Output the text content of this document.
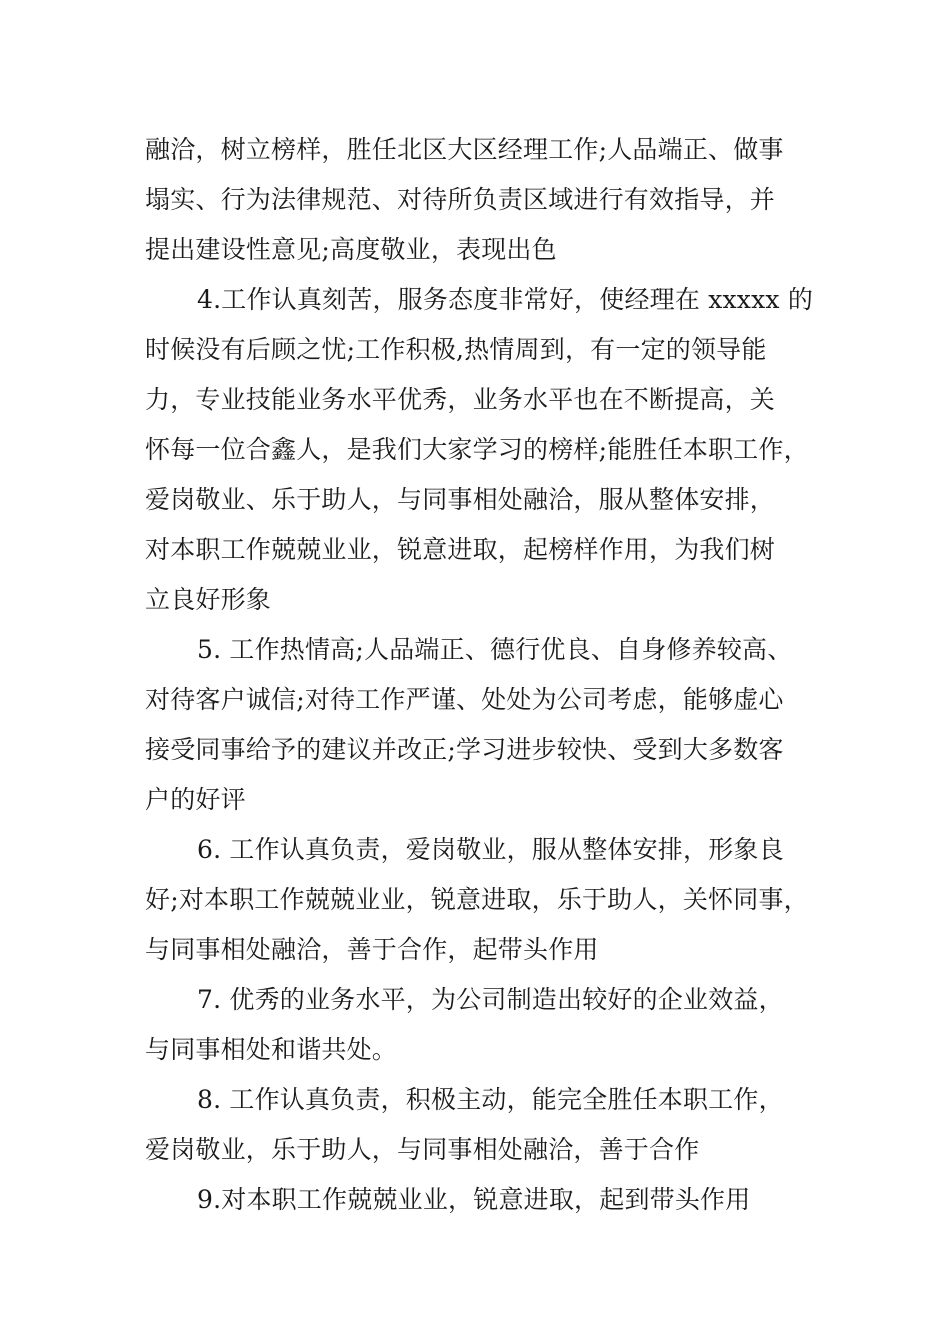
融洽，树立榜样，胜任北区大区经理工作;人品端正、做事
塌实、行为法律规范、对待所负责区域进行有效指导，并
提出建设性意见;高度敬业，表现出色
4.工作认真刻苦，服务态度非常好，使经理在 xxxxx 的
时候没有后顾之忧;工作积极,热情周到，有一定的领导能
力，专业技能业务水平优秀，业务水平也在不断提高，关
怀每一位合鑫人，是我们大家学习的榜样;能胜任本职工作，
爱岗敬业、乐于助人，与同事相处融洽，服从整体安排，
对本职工作兢兢业业，锐意进取，起榜样作用，为我们树
立良好形象
5. 工作热情高;人品端正、德行优良、自身修养较高、
对待客户诚信;对待工作严谨、处处为公司考虑，能够虚心
接受同事给予的建议并改正;学习进步较快、受到大多数客
户的好评
6. 工作认真负责，爱岗敬业，服从整体安排，形象良
好;对本职工作兢兢业业，锐意进取，乐于助人，关怀同事，
与同事相处融洽，善于合作，起带头作用
7. 优秀的业务水平，为公司制造出较好的企业效益，
与同事相处和谐共处。
8. 工作认真负责，积极主动，能完全胜任本职工作，
爱岗敬业，乐于助人，与同事相处融洽，善于合作
9.对本职工作兢兢业业，锐意进取，起到带头作用
